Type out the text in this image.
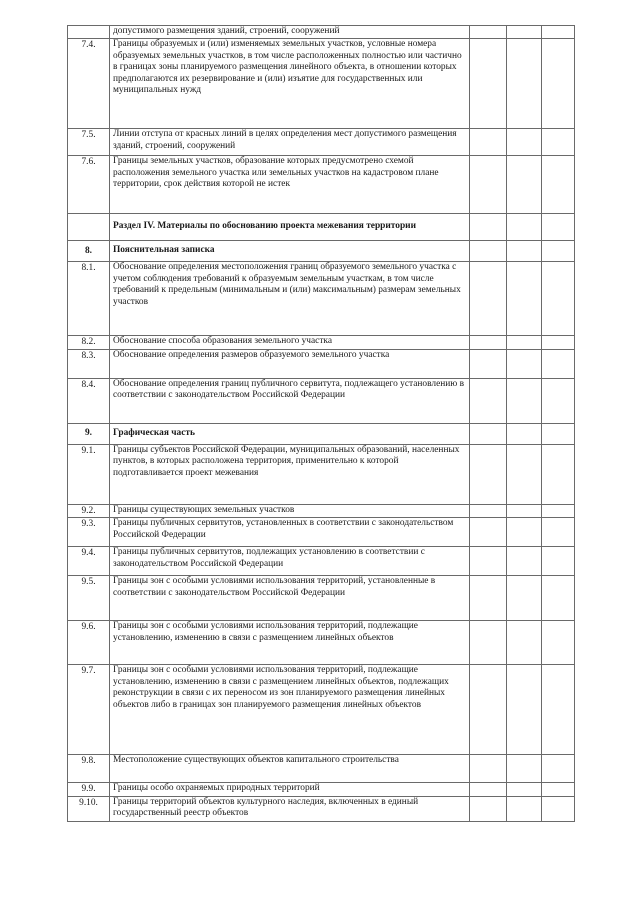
	допустимого размещения зданий, строений, сооружений			
7.4.	Границы образуемых и (или) изменяемых земельных участков, условные номера образуемых земельных участков, в том числе расположенных полностью или частично в границах зоны планируемого размещения линейного объекта, в отношении которых предполагаются их резервирование и (или) изъятие для государственных или муниципальных нужд			
7.5.	Линии отступа от красных линий в целях определения мест допустимого размещения зданий, строений, сооружений			
7.6.	Границы земельных участков, образование которых предусмотрено схемой расположения земельного участка или земельных участков на кадастровом плане территории, срок действия которой не истек			
	Раздел IV. Материалы по обоснованию проекта межевания территории			
8.	Пояснительная записка			
8.1.	Обоснование определения местоположения границ образуемого земельного участка с учетом соблюдения требований к образуемым земельным участкам, в том числе требований к предельным (минимальным и (или) максимальным) размерам земельных участков			
8.2.	Обоснование способа образования земельного участка			
8.3.	Обоснование определения размеров образуемого земельного участка			
8.4.	Обоснование определения границ публичного сервитута, подлежащего установлению в соответствии с законодательством Российской Федерации			
9.	Графическая часть			
9.1.	Границы субъектов Российской Федерации, муниципальных образований, населенных пунктов, в которых расположена территория, применительно к которой подготавливается проект межевания			
9.2.	Границы существующих земельных участков			
9.3.	Границы публичных сервитутов, установленных в соответствии с законодательством Российской Федерации			
9.4.	Границы публичных сервитутов, подлежащих установлению в соответствии с законодательством Российской Федерации			
9.5.	Границы зон с особыми условиями использования территорий, установленные в соответствии с законодательством Российской Федерации			
9.6.	Границы зон с особыми условиями использования территорий, подлежащие установлению, изменению в связи с размещением линейных объектов			
9.7.	Границы зон с особыми условиями использования территорий, подлежащие установлению, изменению в связи с размещением линейных объектов, подлежащих реконструкции в связи с их переносом из зон планируемого размещения линейных объектов либо в границах зон планируемого размещения линейных объектов			
9.8.	Местоположение существующих объектов капитального строительства			
9.9.	Границы особо охраняемых природных территорий			
9.10.	Границы территорий объектов культурного наследия, включенных в единый государственный реестр объектов			
